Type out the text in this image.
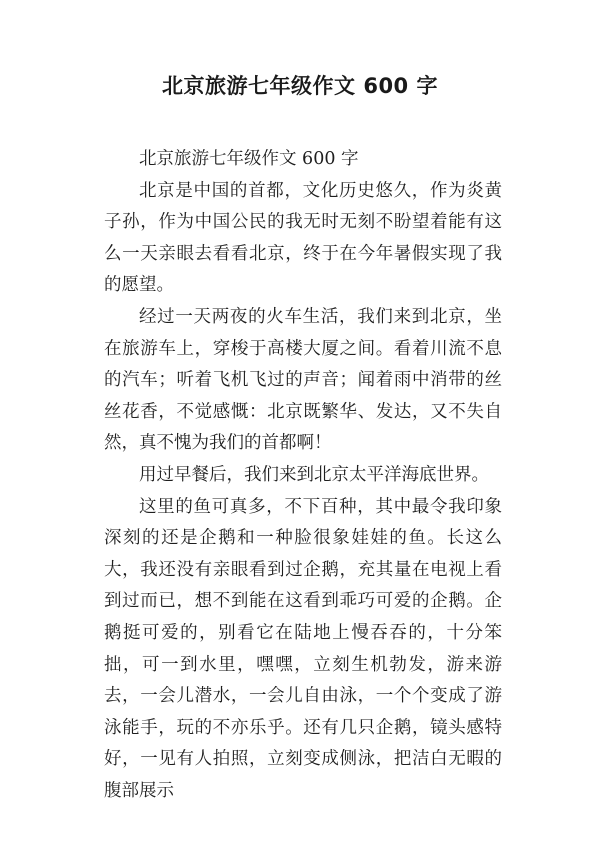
北京旅游七年级作文 600 字

北京旅游七年级作文 600 字

北京是中国的首都，文化历史悠久，作为炎黄子孙，作为中国公民的我无时无刻不盼望着能有这么一天亲眼去看看北京，终于在今年暑假实现了我的愿望。

经过一天两夜的火车生活，我们来到北京，坐在旅游车上，穿梭于高楼大厦之间。看着川流不息的汽车；听着飞机飞过的声音；闻着雨中消带的丝丝花香，不觉感慨：北京既繁华、发达，又不失自然，真不愧为我们的首都啊！

用过早餐后，我们来到北京太平洋海底世界。

这里的鱼可真多，不下百种，其中最令我印象深刻的还是企鹅和一种脸很象娃娃的鱼。长这么大，我还没有亲眼看到过企鹅，充其量在电视上看到过而已，想不到能在这看到乖巧可爱的企鹅。企鹅挺可爱的，别看它在陆地上慢吞吞的，十分笨拙，可一到水里，嘿嘿，立刻生机勃发，游来游去，一会儿潜水，一会儿自由泳，一个个变成了游泳能手，玩的不亦乐乎。还有几只企鹅，镜头感特好，一见有人拍照，立刻变成侧泳，把洁白无暇的腹部展示
